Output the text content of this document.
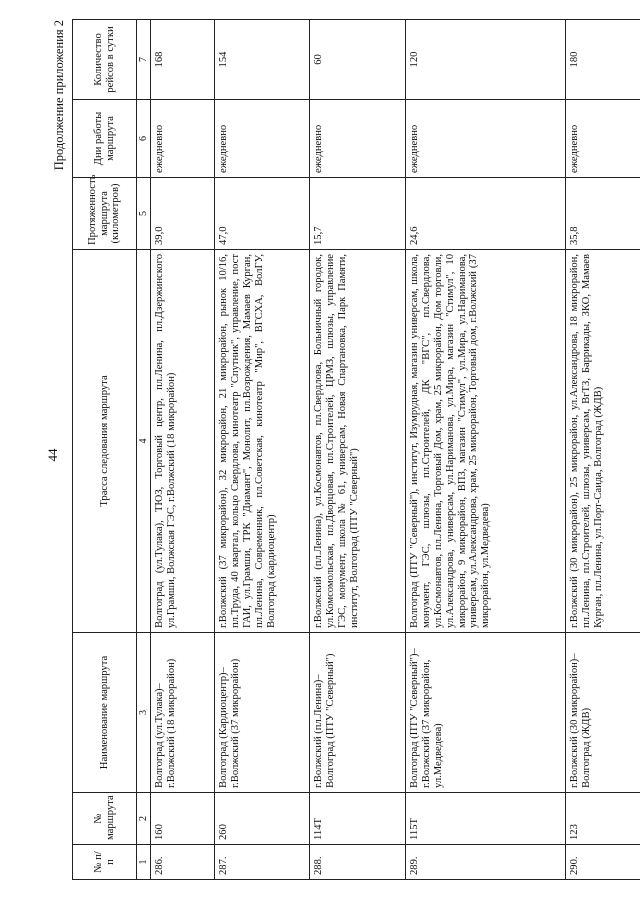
44
Продолжение приложения 2
№ п/п	№ маршрута	Наименование маршрута	Трасса следования маршрута	Протяженность маршрута (километров)	Дни работы маршрута	Количество рейсов в сутки
1	2	3	4	5	6	7
286.	160	Волгоград (ул.Тулака)–г.Волжский (18 микрорайон)	Волгоград (ул.Тулака), ТЮЗ, Торговый центр, пл.Ленина, пл.Дзержинского ул.Грамши, Волжская ГЭС, г.Волжский (18 микрорайон)	39,0	ежедневно	168
287.	260	Волгоград (Кардиоцентр)–г.Волжский (37 микрорайон)	г.Волжский (37 микрорайон), 32 микрорайон, 21 микрорайон, рынок 10/16, пл.Труда, 40 квартал, кольцо Свердлова, кинотеатр "Спутник", управление, пост ГАИ, ул.Грамши, ТРК "Диамант", Монолит, пл.Возрождения, Мамаев Курган, пл.Ленина, Современник, пл.Советская, кинотеатр "Мир", ВГСХА, ВолГУ, Волгоград (кардиоцентр)	47,0	ежедневно	154
288.	114Т	г.Волжский (пл.Ленина)–Волгоград (ПТУ "Северный")	г.Волжский (пл.Ленина), ул.Космонавтов, пл.Свердлова, Больничный городок, ул.Комсомольская, пл.Дворцовая, пл.Строителей, ЦРМЗ, шлюзы, управление ГЭС, монумент, школа № 61, универсам, Новая Спартановка, Парк Памяти, институт, Волгоград (ПТУ "Северный")	15,7	ежедневно	60
289.	115Т	Волгоград (ПТУ "Северный")–г.Волжский (37 микрорайон, ул.Медведева)	Волгоград (ПТУ "Северный"), институт, Изумрудная, магазин универсам, школа, монумент, ГЭС, шлюзы, пл.Строителей, ДК "ВГС", пл.Свердлова, ул.Космонавтов, пл.Ленина, Торговый Дом, храм, 25 микрорайон, Дом торговли, ул.Александрова, универсам, ул.Нариманова, ул.Мира, магазин "Стимул", 10 микрорайон, 9 микрорайон, ВПЗ, магазин "Стимул", ул.Мира, ул.Нариманова, универсам, ул.Александрова, храм, 25 микрорайон, Торговый дом, г.Волжский (37 микрорайон, ул.Медведева)	24,6	ежедневно	120
290.	123	г.Волжский (30 микрорайон)–Волгоград (ЖДВ)	г.Волжский (30 микрорайон), 25 микрорайон, ул.Александрова, 18 микрорайон, пл.Ленина, пл.Строителей, шлюзы, универсам, ВгТЗ, Баррикады, ЗКО, Мамаев Курган, пл.Ленина, ул.Порт-Саида, Волгоград (ЖДВ)	35,8	ежедневно	180
